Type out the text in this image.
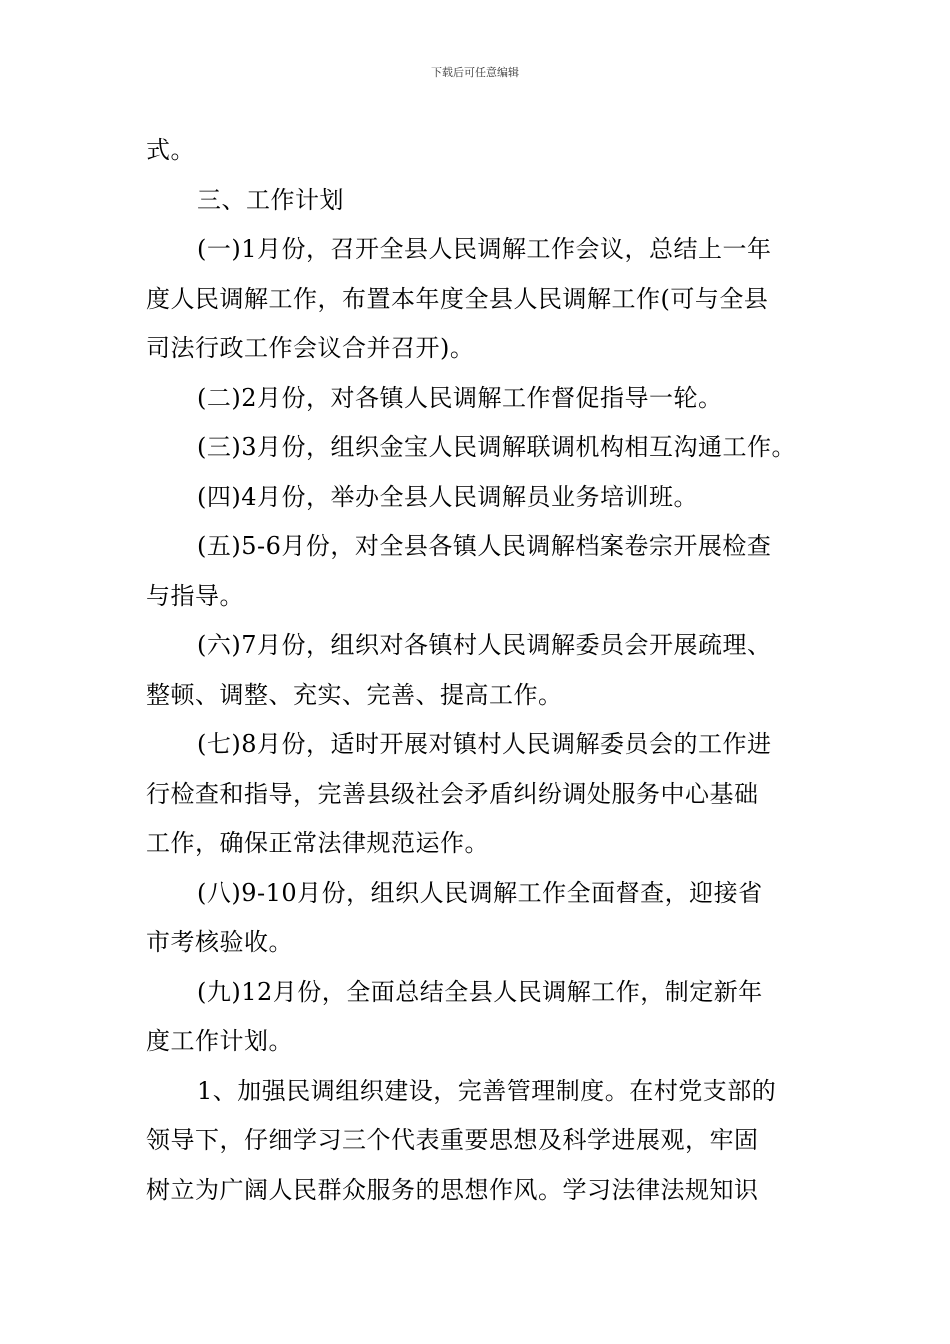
下载后可任意编辑
式。
三、工作计划
(一)1月份，召开全县人民调解工作会议，总结上一年
度人民调解工作，布置本年度全县人民调解工作(可与全县
司法行政工作会议合并召开)。
(二)2月份，对各镇人民调解工作督促指导一轮。
(三)3月份，组织金宝人民调解联调机构相互沟通工作。
(四)4月份，举办全县人民调解员业务培训班。
(五)5-6月份，对全县各镇人民调解档案卷宗开展检查
与指导。
(六)7月份，组织对各镇村人民调解委员会开展疏理、
整顿、调整、充实、完善、提高工作。
(七)8月份，适时开展对镇村人民调解委员会的工作进
行检查和指导，完善县级社会矛盾纠纷调处服务中心基础
工作，确保正常法律规范运作。
(八)9-10月份，组织人民调解工作全面督查，迎接省
市考核验收。
(九)12月份，全面总结全县人民调解工作，制定新年
度工作计划。
1、加强民调组织建设，完善管理制度。在村党支部的
领导下，仔细学习三个代表重要思想及科学进展观，牢固
树立为广阔人民群众服务的思想作风。学习法律法规知识
